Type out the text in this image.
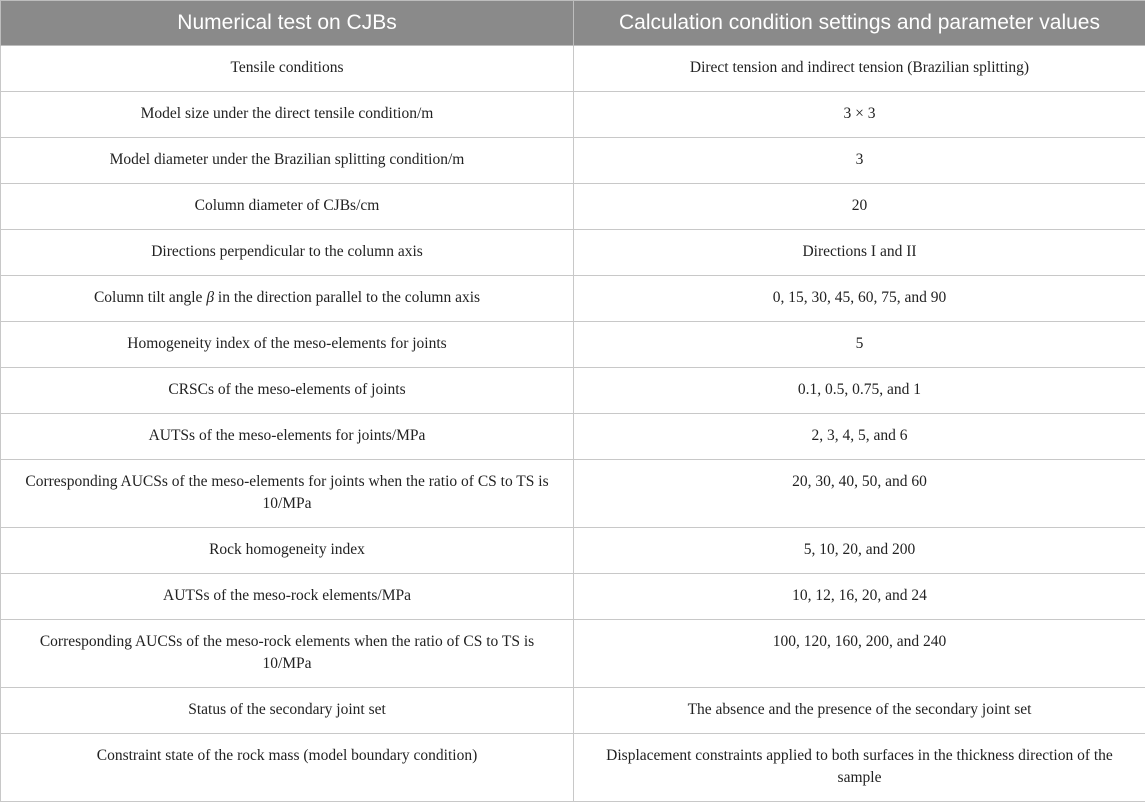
Numerical test on CJBs	Calculation condition settings and parameter values
Tensile conditions	Direct tension and indirect tension (Brazilian splitting)
Model size under the direct tensile condition/m	3 × 3
Model diameter under the Brazilian splitting condition/m	3
Column diameter of CJBs/cm	20
Directions perpendicular to the column axis	Directions I and II
Column tilt angle β in the direction parallel to the column axis	0, 15, 30, 45, 60, 75, and 90
Homogeneity index of the meso-elements for joints	5
CRSCs of the meso-elements of joints	0.1, 0.5, 0.75, and 1
AUTSs of the meso-elements for joints/MPa	2, 3, 4, 5, and 6
Corresponding AUCSs of the meso-elements for joints when the ratio of CS to TS is 10/MPa	20, 30, 40, 50, and 60
Rock homogeneity index	5, 10, 20, and 200
AUTSs of the meso-rock elements/MPa	10, 12, 16, 20, and 24
Corresponding AUCSs of the meso-rock elements when the ratio of CS to TS is 10/MPa	100, 120, 160, 200, and 240
Status of the secondary joint set	The absence and the presence of the secondary joint set
Constraint state of the rock mass (model boundary condition)	Displacement constraints applied to both surfaces in the thickness direction of the sample
